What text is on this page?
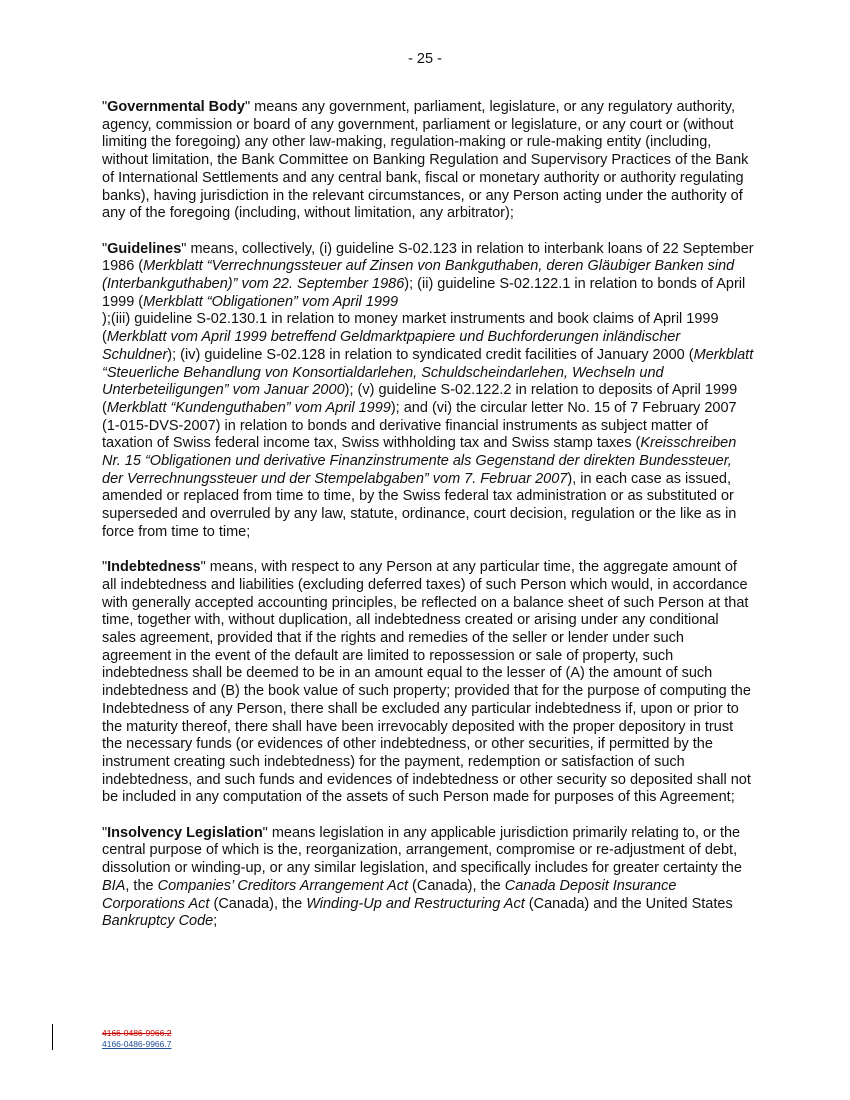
- 25 -

"Governmental Body" means any government, parliament, legislature, or any regulatory authority, agency, commission or board of any government, parliament or legislature, or any court or (without limiting the foregoing) any other law-making, regulation-making or rule-making entity (including, without limitation, the Bank Committee on Banking Regulation and Supervisory Practices of the Bank of International Settlements and any central bank, fiscal or monetary authority or authority regulating banks), having jurisdiction in the relevant circumstances, or any Person acting under the authority of any of the foregoing (including, without limitation, any arbitrator);

"Guidelines" means, collectively, (i) guideline S-02.123 in relation to interbank loans of 22 September 1986 (Merkblatt “Verrechnungssteuer auf Zinsen von Bankguthaben, deren Gläubiger Banken sind (Interbankguthaben)” vom 22. September 1986); (ii) guideline S-02.122.1 in relation to bonds of April 1999 (Merkblatt “Obligationen” vom April 1999
);(iii) guideline S-02.130.1 in relation to money market instruments and book claims of April 1999 (Merkblatt vom April 1999 betreffend Geldmarktpapiere und Buchforderungen inländischer Schuldner); (iv) guideline S-02.128 in relation to syndicated credit facilities of January 2000 (Merkblatt “Steuerliche Behandlung von Konsortialdarlehen, Schuldscheindarlehen, Wechseln und Unterbeteiligungen” vom Januar 2000); (v) guideline S-02.122.2 in relation to deposits of April 1999 (Merkblatt “Kundenguthaben” vom April 1999); and (vi) the circular letter No. 15 of 7 February 2007 (1-015-DVS-2007) in relation to bonds and derivative financial instruments as subject matter of taxation of Swiss federal income tax, Swiss withholding tax and Swiss stamp taxes (Kreisschreiben Nr. 15 “Obligationen und derivative Finanzinstrumente als Gegenstand der direkten Bundessteuer, der Verrechnungssteuer und der Stempelabgaben” vom 7. Februar 2007), in each case as issued, amended or replaced from time to time, by the Swiss federal tax administration or as substituted or superseded and overruled by any law, statute, ordinance, court decision, regulation or the like as in force from time to time;

"Indebtedness" means, with respect to any Person at any particular time, the aggregate amount of all indebtedness and liabilities (excluding deferred taxes) of such Person which would, in accordance with generally accepted accounting principles, be reflected on a balance sheet of such Person at that time, together with, without duplication, all indebtedness created or arising under any conditional sales agreement, provided that if the rights and remedies of the seller or lender under such agreement in the event of the default are limited to repossession or sale of property, such indebtedness shall be deemed to be in an amount equal to the lesser of (A) the amount of such indebtedness and (B) the book value of such property; provided that for the purpose of computing the Indebtedness of any Person, there shall be excluded any particular indebtedness if, upon or prior to the maturity thereof, there shall have been irrevocably deposited with the proper depository in trust the necessary funds (or evidences of other indebtedness, or other securities, if permitted by the instrument creating such indebtedness) for the payment, redemption or satisfaction of such indebtedness, and such funds and evidences of indebtedness or other security so deposited shall not be included in any computation of the assets of such Person made for purposes of this Agreement;

"Insolvency Legislation" means legislation in any applicable jurisdiction primarily relating to, or the central purpose of which is the, reorganization, arrangement, compromise or re-adjustment of debt, dissolution or winding-up, or any similar legislation, and specifically includes for greater certainty the BIA, the Companies’ Creditors Arrangement Act (Canada), the Canada Deposit Insurance Corporations Act (Canada), the Winding-Up and Restructuring Act (Canada) and the United States Bankruptcy Code;

4166-0486-9966.2
4166-0486-9966.7
